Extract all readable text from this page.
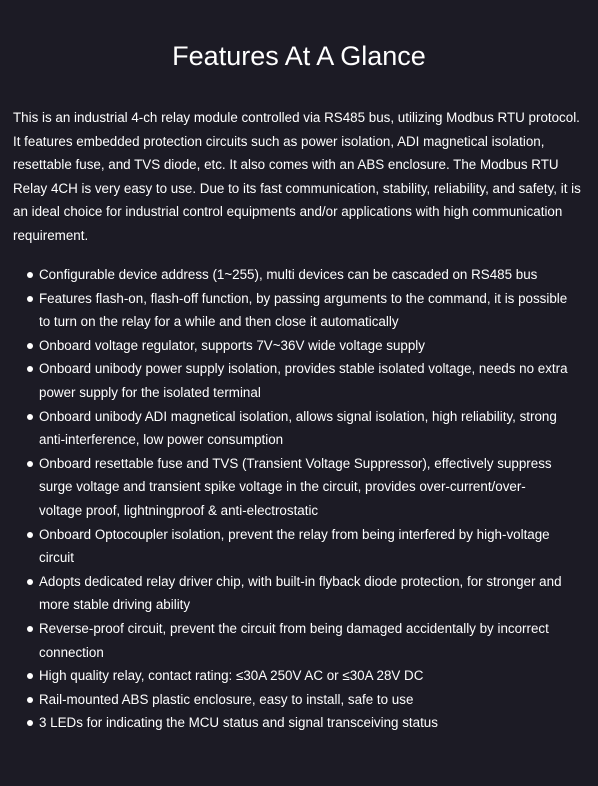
Features At A Glance

This is an industrial 4-ch relay module controlled via RS485 bus, utilizing Modbus RTU protocol. It features embedded protection circuits such as power isolation, ADI magnetical isolation, resettable fuse, and TVS diode, etc. It also comes with an ABS enclosure. The Modbus RTU Relay 4CH is very easy to use. Due to its fast communication, stability, reliability, and safety, it is an ideal choice for industrial control equipments and/or applications with high communication requirement.

Configurable device address (1~255), multi devices can be cascaded on RS485 bus
Features flash-on, flash-off function, by passing arguments to the command, it is possible to turn on the relay for a while and then close it automatically
Onboard voltage regulator, supports 7V~36V wide voltage supply
Onboard unibody power supply isolation, provides stable isolated voltage, needs no extra power supply for the isolated terminal
Onboard unibody ADI magnetical isolation, allows signal isolation, high reliability, strong anti-interference, low power consumption
Onboard resettable fuse and TVS (Transient Voltage Suppressor), effectively suppress surge voltage and transient spike voltage in the circuit, provides over-current/over-voltage proof, lightningproof & anti-electrostatic
Onboard Optocoupler isolation, prevent the relay from being interfered by high-voltage circuit
Adopts dedicated relay driver chip, with built-in flyback diode protection, for stronger and more stable driving ability
Reverse-proof circuit, prevent the circuit from being damaged accidentally by incorrect connection
High quality relay, contact rating: ≤30A 250V AC or ≤30A 28V DC
Rail-mounted ABS plastic enclosure, easy to install, safe to use
3 LEDs for indicating the MCU status and signal transceiving status
